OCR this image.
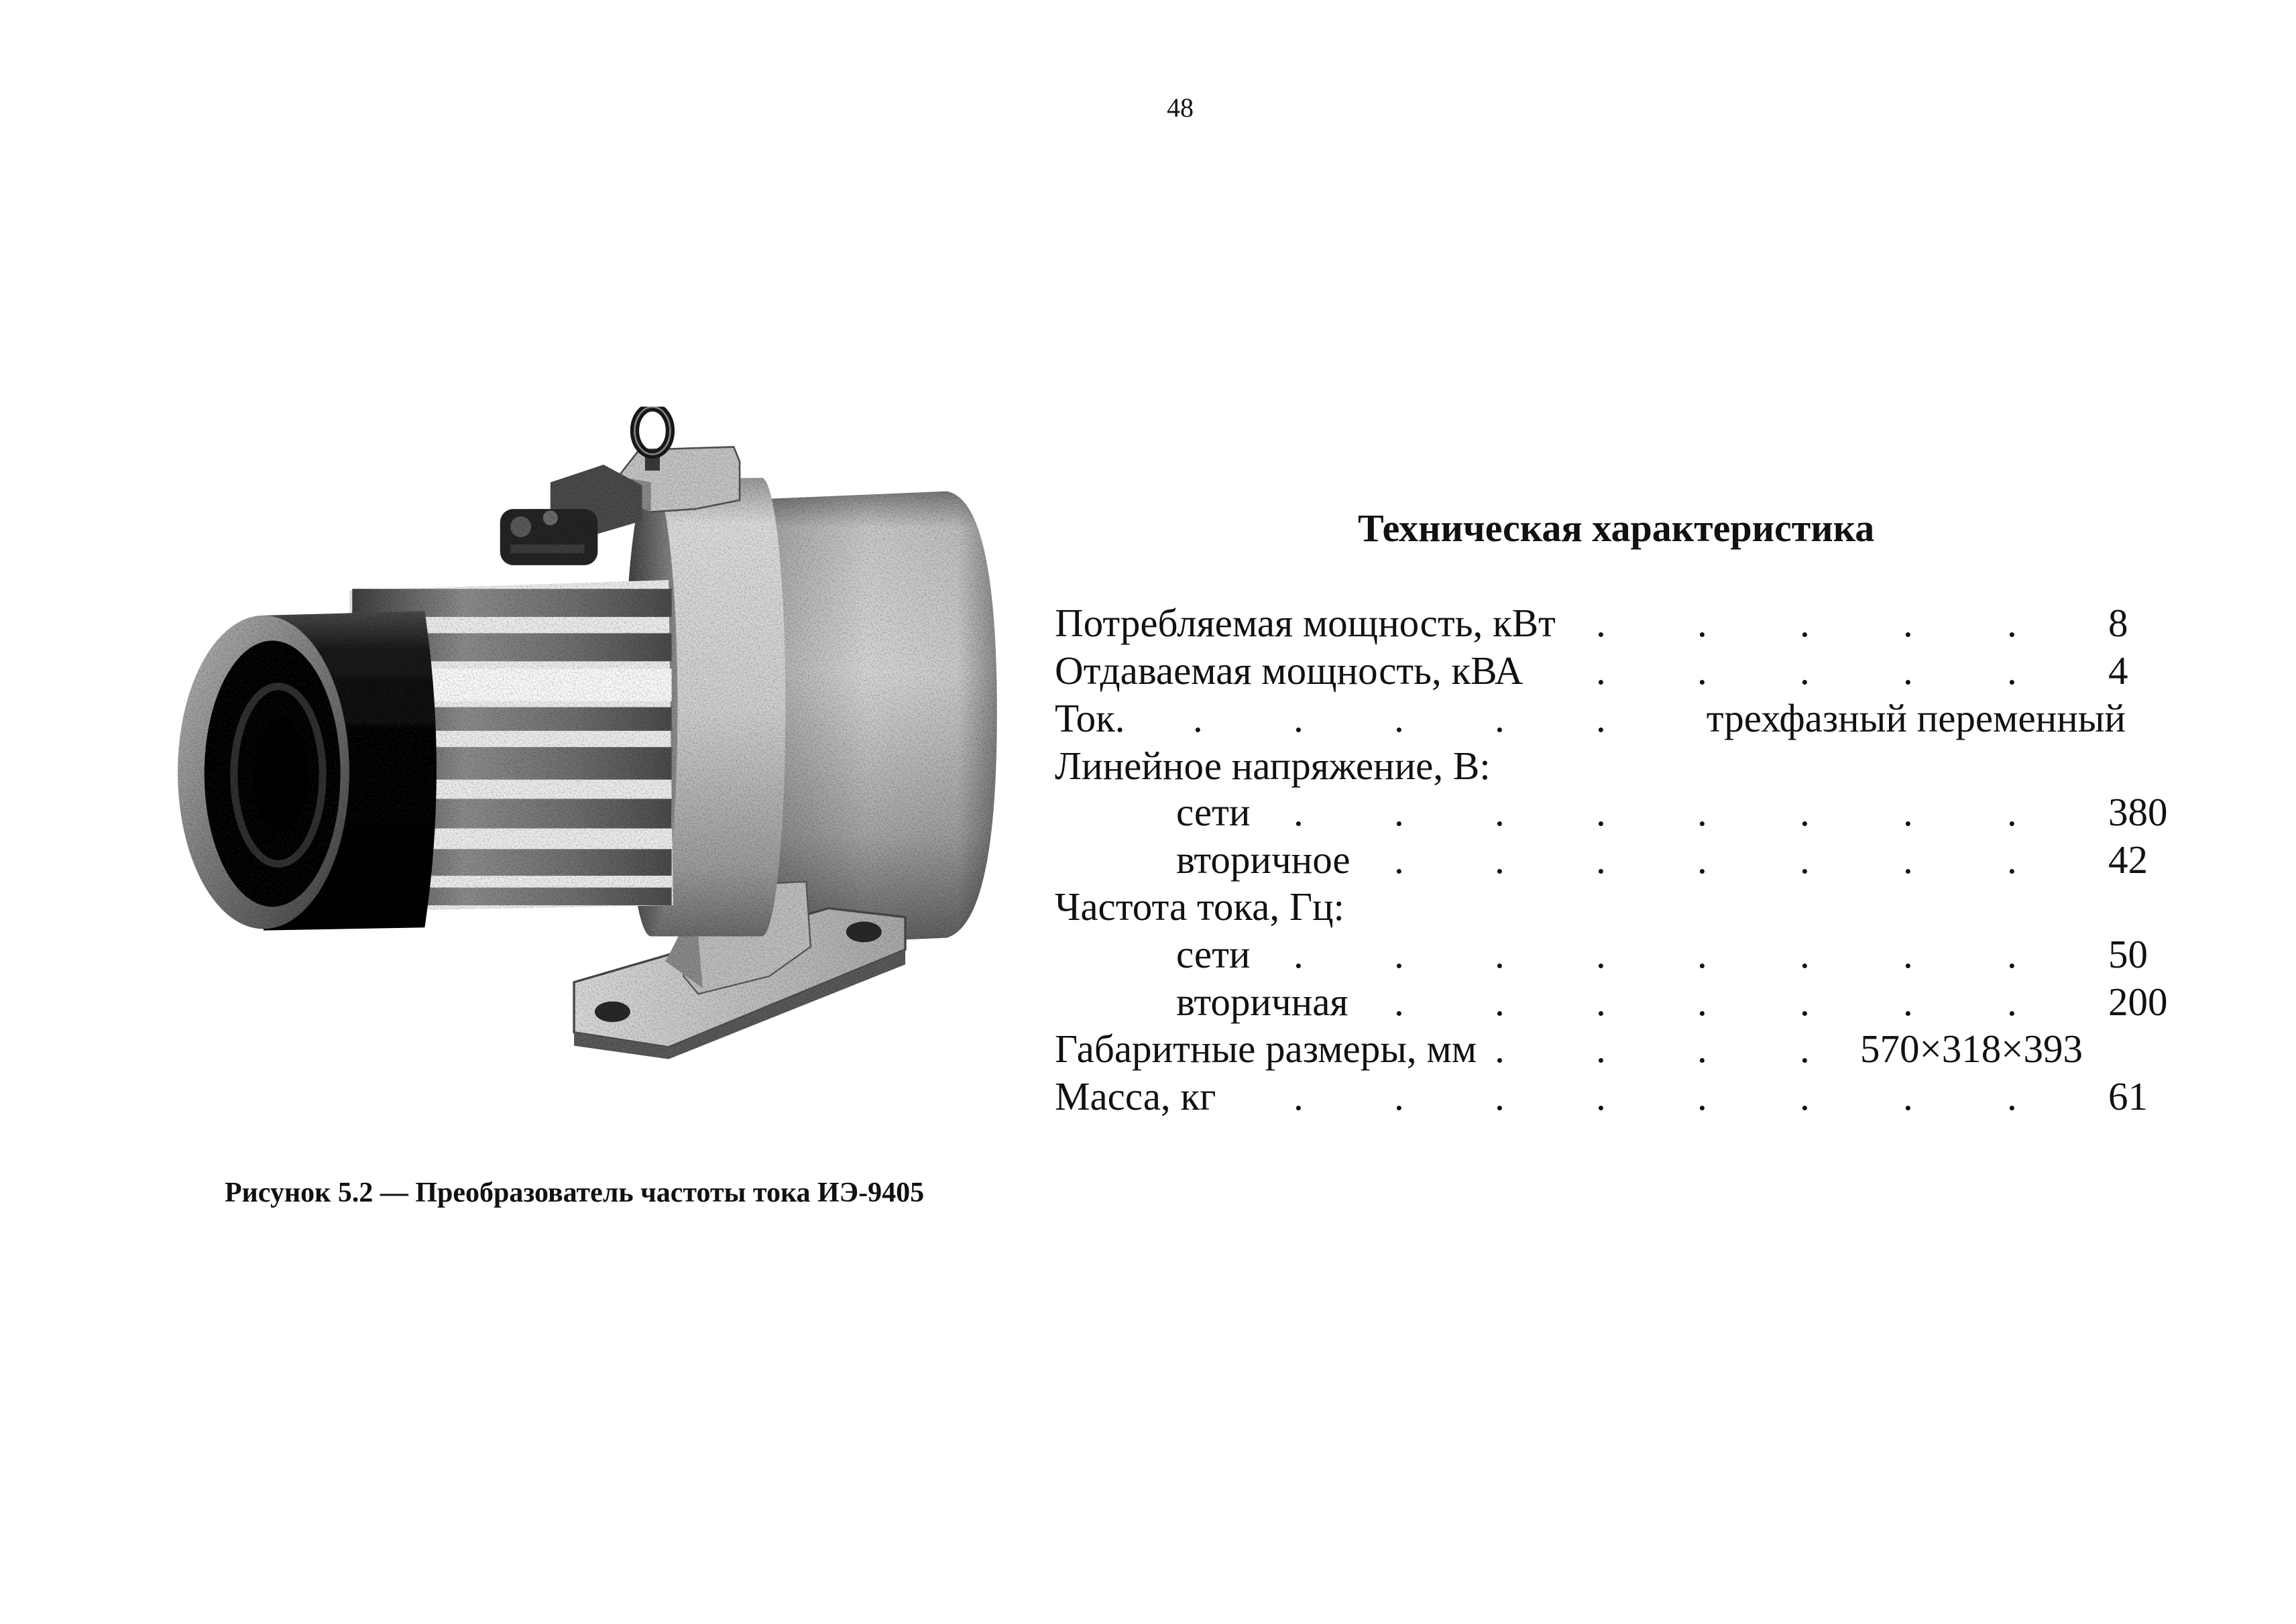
48
Рисунок 5.2 — Преобразователь частоты тока ИЭ-9405
Техническая характеристика
Потребляемая мощность, кВт	8
. . . . .
Отдаваемая мощность, кВА	4
. . . . .
Ток.	трехфазный переменный
. . . . .
Линейное напряжение, В:
сети	380
. . . . . . . .
вторичное	42
. . . . . . .
Частота тока, Гц:
сети	50
. . . . . . . .
вторичная	200
. . . . . . .
Габаритные размеры, мм	570×318×393
. . . .
Масса, кг	61
. . . . . . . .
